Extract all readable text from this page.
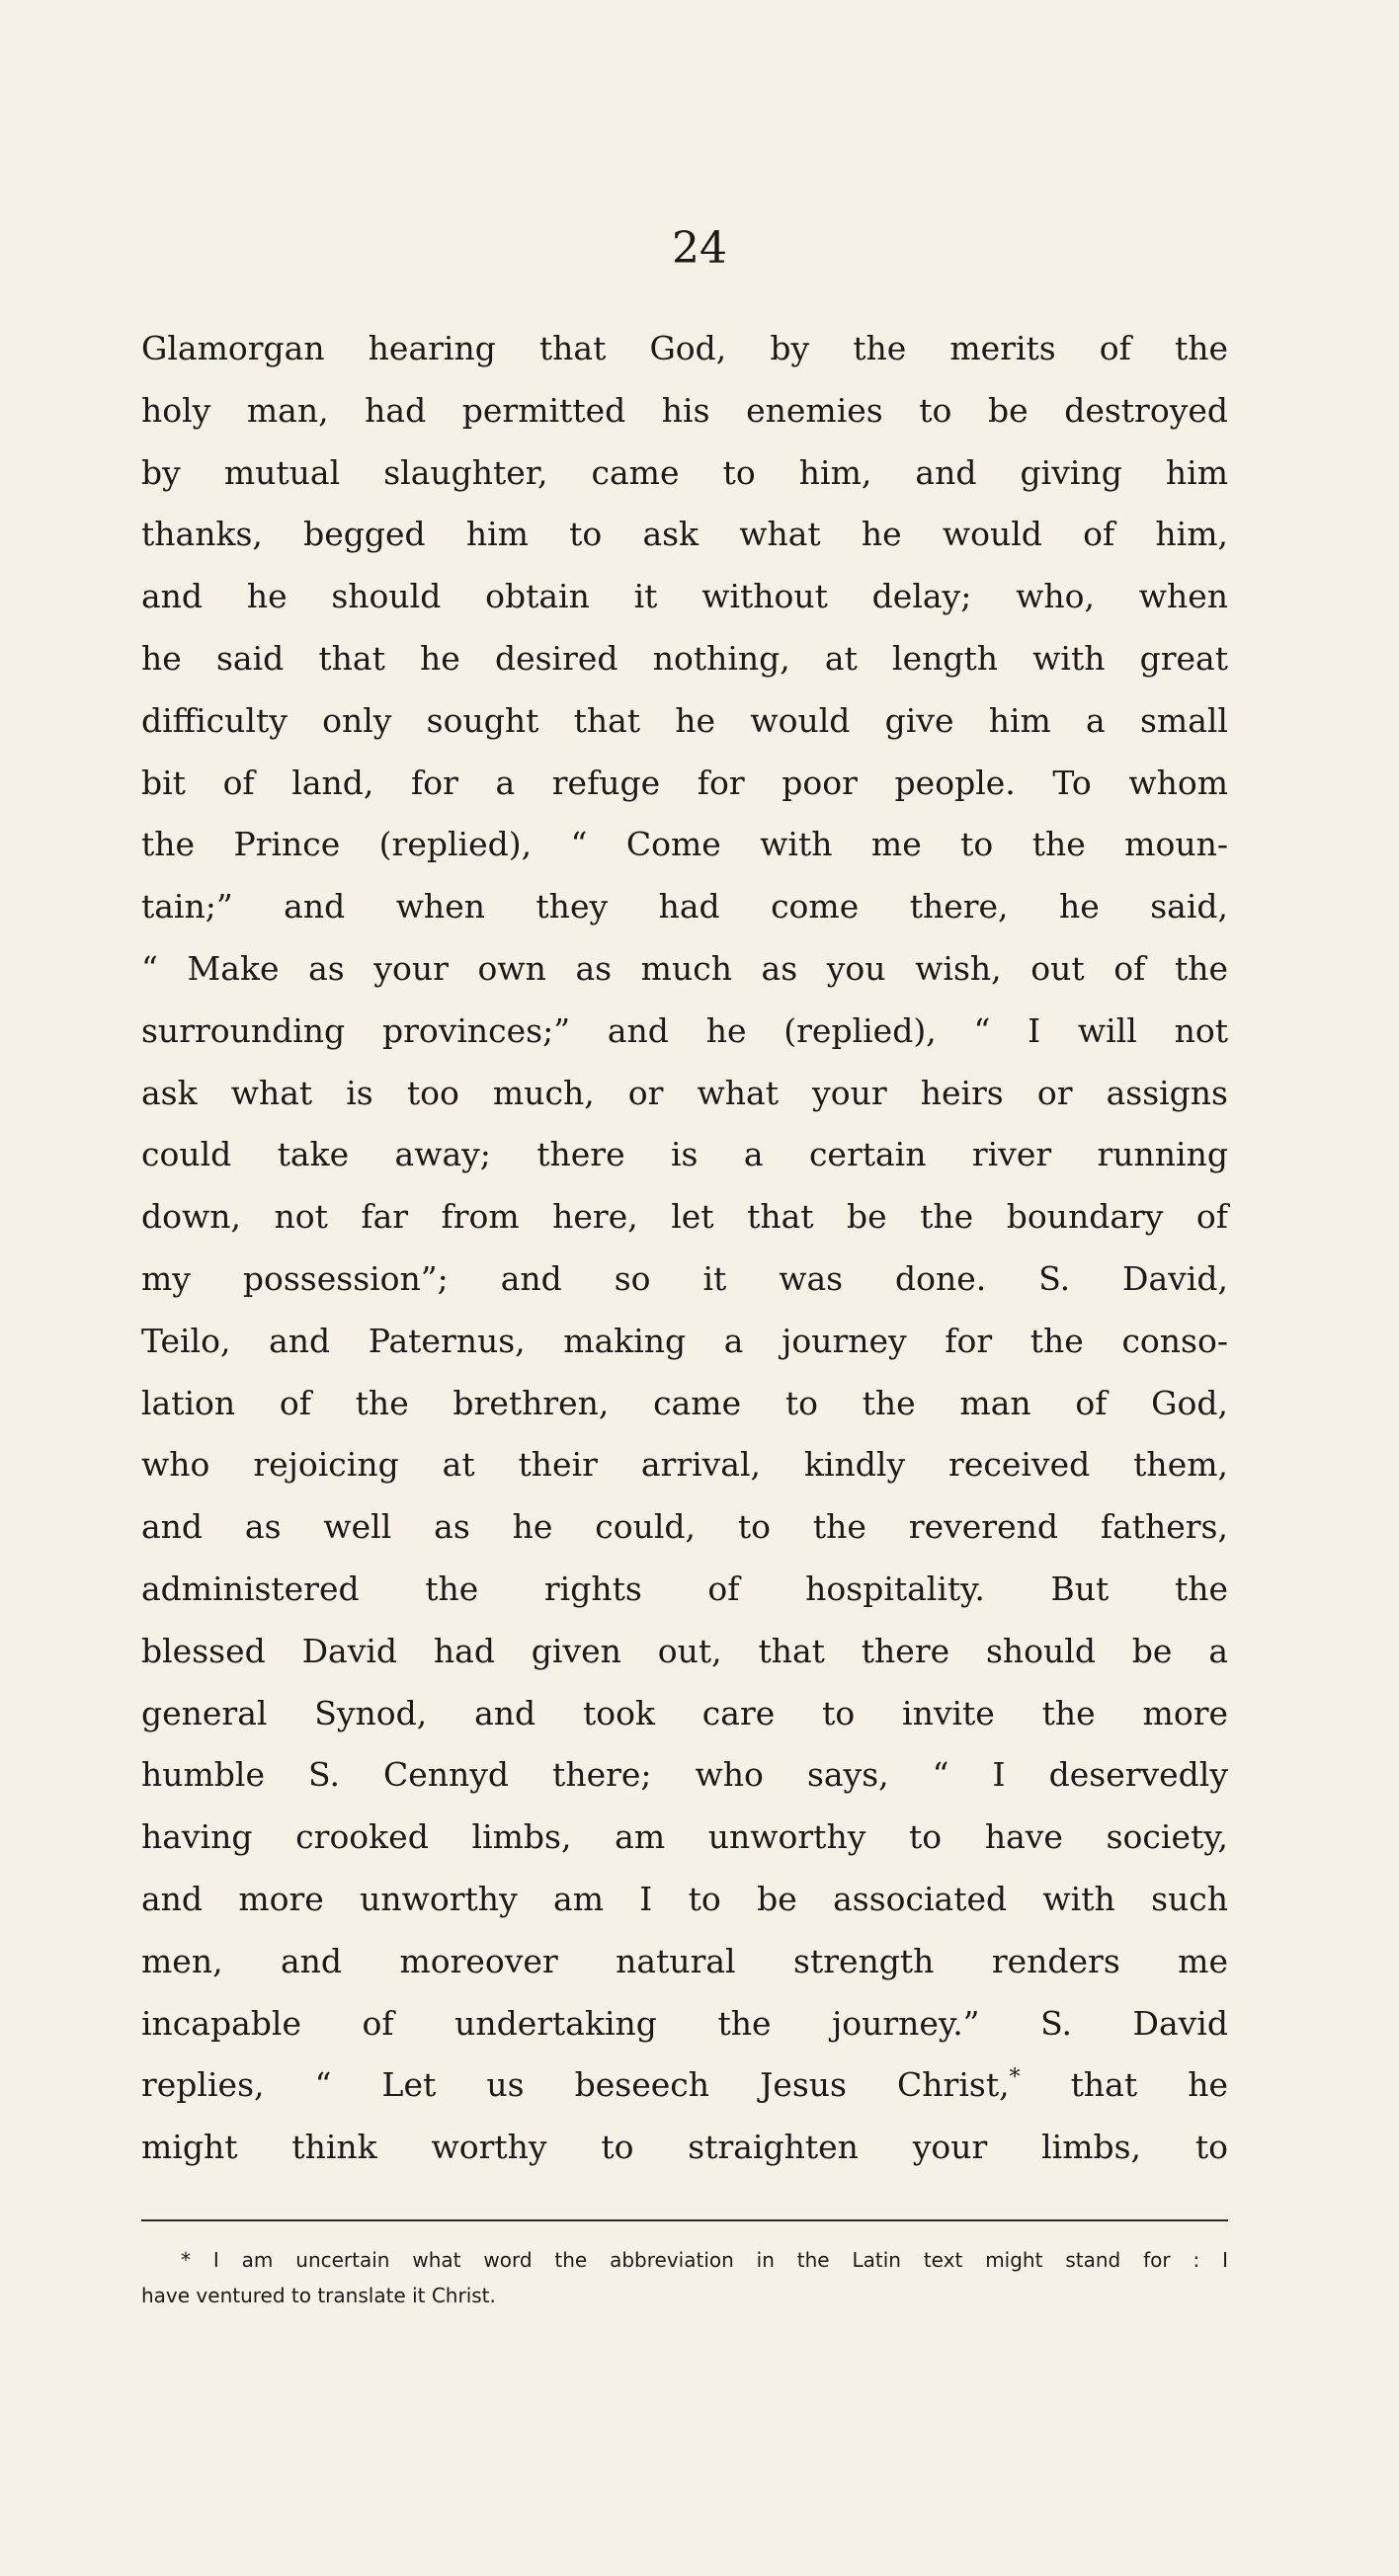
24
Glamorgan hearing that God, by the merits of the
holy man, had permitted his enemies to be destroyed
by mutual slaughter, came to him, and giving him
thanks, begged him to ask what he would of him,
and he should obtain it without delay; who, when
he said that he desired nothing, at length with great
difficulty only sought that he would give him a small
bit of land, for a refuge for poor people. To whom
the Prince (replied), “ Come with me to the moun-
tain;” and when they had come there, he said,
“ Make as your own as much as you wish, out of the
surrounding provinces;” and he (replied), “ I will not
ask what is too much, or what your heirs or assigns
could take away; there is a certain river running
down, not far from here, let that be the boundary of
my possession”; and so it was done. S. David,
Teilo, and Paternus, making a journey for the conso-
lation of the brethren, came to the man of God,
who rejoicing at their arrival, kindly received them,
and as well as he could, to the reverend fathers,
administered the rights of hospitality. But the
blessed David had given out, that there should be a
general Synod, and took care to invite the more
humble S. Cennyd there; who says, “ I deservedly
having crooked limbs, am unworthy to have society,
and more unworthy am I to be associated with such
men, and moreover natural strength renders me
incapable of undertaking the journey.” S. David
replies, “ Let us beseech Jesus Christ,* that he
might think worthy to straighten your limbs, to
* I am uncertain what word the abbreviation in the Latin text might stand for : I
have ventured to translate it Christ.
